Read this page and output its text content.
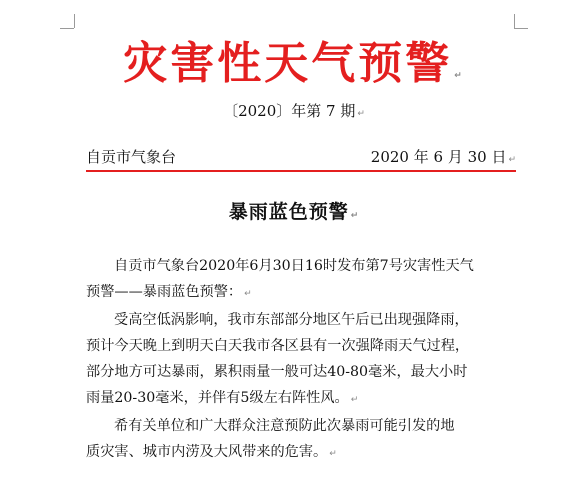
灾害性天气预警 ↵
〔2020〕年第 7 期 ↵
自贡市气象台	2020 年 6 月 30 日 ↵
暴雨蓝色预警 ↵
自贡市气象台2020年6月30日16时发布第7号灾害性天气
预警——暴雨蓝色预警： ↵
受高空低涡影响，我市东部部分地区午后已出现强降雨，
预计今天晚上到明天白天我市各区县有一次强降雨天气过程，
部分地方可达暴雨，累积雨量一般可达40-80毫米，最大小时
雨量20-30毫米，并伴有5级左右阵性风。 ↵
希有关单位和广大群众注意预防此次暴雨可能引发的地
质灾害、城市内涝及大风带来的危害。 ↵
